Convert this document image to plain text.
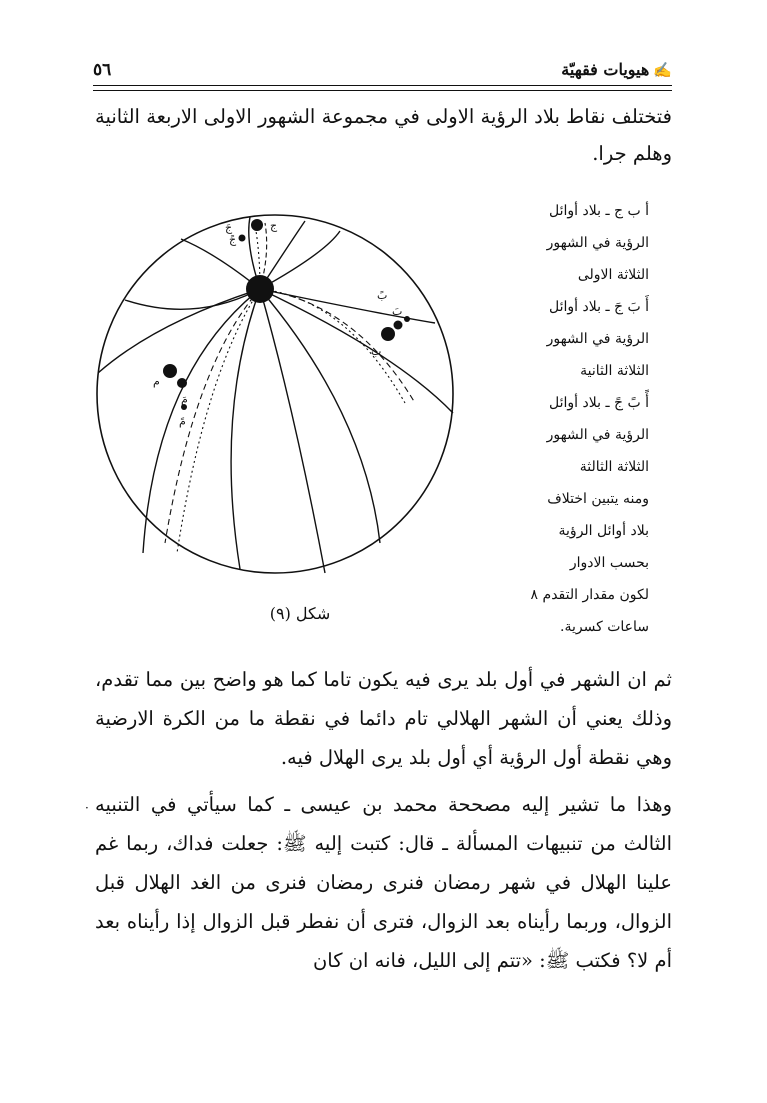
٥٦	✍هيويات فقهيّة
فتختلف نقاط بلاد الرؤية الاولى في مجموعة الشهور الاولى الاربعة الثانية وهلم جرا.
ج
جَ
جً
ب
بَ
بً
م
مَ
مً
شكل (٩)
أ ب ج ـ بلاد أوائل
الرؤية في الشهور
الثلاثة الاولى
أَ بَ جَ ـ بلاد أوائل
الرؤية في الشهور
الثلاثة الثانية
أً بً جً ـ بلاد أوائل
الرؤية في الشهور
الثلاثة الثالثة
ومنه يتبين اختلاف
بلاد أوائل الرؤية
بحسب الادوار
لكون مقدار التقدم ٨
ساعات كسرية.
ثم ان الشهر في أول بلد يرى فيه يكون تاما كما هو واضح بين مما تقدم، وذلك يعني أن الشهر الهلالي تام دائما في نقطة ما من الكرة الارضية وهي نقطة أول الرؤية أي أول بلد يرى الهلال فيه.
· وهذا ما تشير إليه مصححة محمد بن عيسى ـ كما سيأتي في التنبيه الثالث من تنبيهات المسألة ـ قال: كتبت إليه ﷺ: جعلت فداك، ربما غم علينا الهلال في شهر رمضان فنرى رمضان فنرى من الغد الهلال قبل الزوال، وربما رأيناه بعد الزوال، فترى أن نفطر قبل الزوال إذا رأيناه بعد أم لا؟ فكتب ﷺ: «تتم إلى الليل، فانه ان كان
